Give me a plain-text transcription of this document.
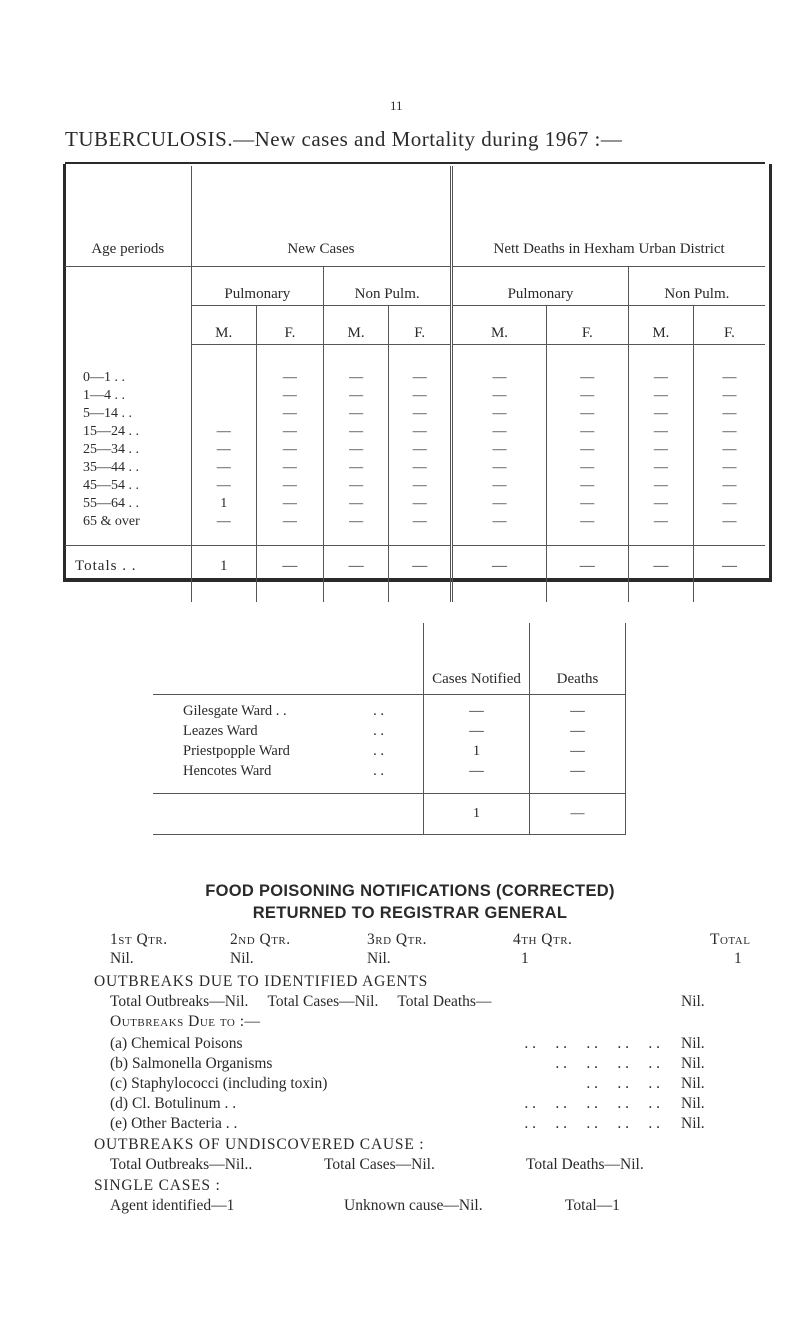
11
TUBERCULOSIS.—New cases and Mortality during 1967 :—
Age periods	New Cases				Nett Deaths in Hexham Urban District			
	Pulmonary		Non Pulm.		Pulmonary		Non Pulm.	
	M.	F.	M.	F.	M.	F.	M.	F.
0—1 . .		—	—	—	—	—	—	—
1—4 . .		—	—	—	—	—	—	—
5—14 . .		—	—	—	—	—	—	—
15—24 . .	—	—	—	—	—	—	—	—
25—34 . .	—	—	—	—	—	—	—	—
35—44 . .	—	—	—	—	—	—	—	—
45—54 . .	—	—	—	—	—	—	—	—
55—64 . .	1	—	—	—	—	—	—	—
65 & over	—	—	—	—	—	—	—	—
Totals . .	1	—	—	—	—	—	—	—
	Cases Notified	Deaths
Gilesgate Ward . . . .	—	—
Leazes Ward . .	—	—
Priestpopple Ward . .	1	—
Hencotes Ward . .	—	—
	1	—
FOOD POISONING NOTIFICATIONS (CORRECTED)
RETURNED TO REGISTRAR GENERAL
1st Qtr.	2nd Qtr.	3rd Qtr.	4th Qtr.	Total
Nil.	Nil.	Nil.	1	1
OUTBREAKS DUE TO IDENTIFIED AGENTS
Total Outbreaks—Nil.     Total Cases—Nil.     Total Deaths—	Nil.
Outbreaks Due to :—
(a) Chemical Poisons	. .     . .     . .     . .     . . Nil.
(b) Salmonella Organisms	. .     . .     . .     . . Nil.
(c) Staphylococci (including toxin)	. .     . .     . . Nil.
(d) Cl. Botulinum . .	. .     . .     . .     . .     . . Nil.
(e) Other Bacteria . .	. .     . .     . .     . .     . . Nil.
OUTBREAKS OF UNDISCOVERED CAUSE :
Total Outbreaks—Nil..	Total Cases—Nil.	Total Deaths—Nil.
SINGLE CASES :
Agent identified—1	Unknown cause—Nil.	Total—1
